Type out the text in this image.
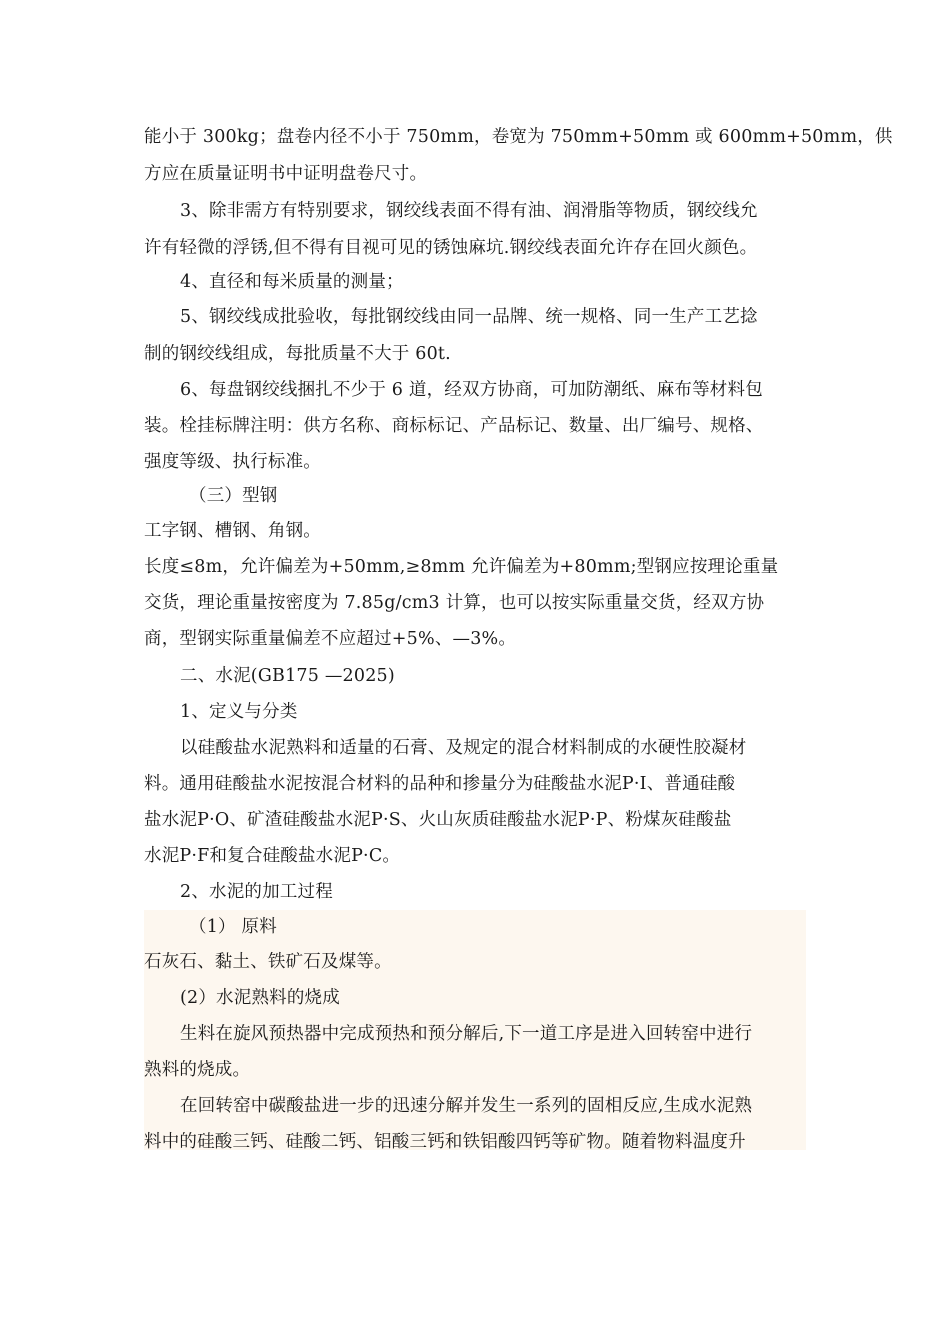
能小于 300kg；盘卷内径不小于 750mm，卷宽为 750mm+50mm 或 600mm+50mm，供
方应在质量证明书中证明盘卷尺寸。
3、除非需方有特别要求，钢绞线表面不得有油、润滑脂等物质，钢绞线允
许有轻微的浮锈,但不得有目视可见的锈蚀麻坑.钢绞线表面允许存在回火颜色。
4、直径和每米质量的测量；
5、钢绞线成批验收，每批钢绞线由同一品牌、统一规格、同一生产工艺捻
制的钢绞线组成，每批质量不大于 60t.
6、每盘钢绞线捆扎不少于 6 道，经双方协商，可加防潮纸、麻布等材料包
装。栓挂标牌注明：供方名称、商标标记、产品标记、数量、出厂编号、规格、
强度等级、执行标准。
（三）型钢
工字钢、槽钢、角钢。
长度≤8m，允许偏差为+50mm,≥8mm 允许偏差为+80mm;型钢应按理论重量
交货，理论重量按密度为 7.85g/cm3 计算，也可以按实际重量交货，经双方协
商，型钢实际重量偏差不应超过+5%、—3%。
二、水泥(GB175 —2025)
1、定义与分类
以硅酸盐水泥熟料和适量的石膏、及规定的混合材料制成的水硬性胶凝材
料。通用硅酸盐水泥按混合材料的品种和掺量分为硅酸盐水泥P·I、普通硅酸
盐水泥P·O、矿渣硅酸盐水泥P·S、火山灰质硅酸盐水泥P·P、粉煤灰硅酸盐
水泥P·F和复合硅酸盐水泥P·C。
2、水泥的加工过程
（1） 原料
石灰石、黏土、铁矿石及煤等。
(2）水泥熟料的烧成
生料在旋风预热器中完成预热和预分解后,下一道工序是进入回转窑中进行
熟料的烧成。
在回转窑中碳酸盐进一步的迅速分解并发生一系列的固相反应,生成水泥熟
料中的硅酸三钙、硅酸二钙、铝酸三钙和铁铝酸四钙等矿物。随着物料温度升
